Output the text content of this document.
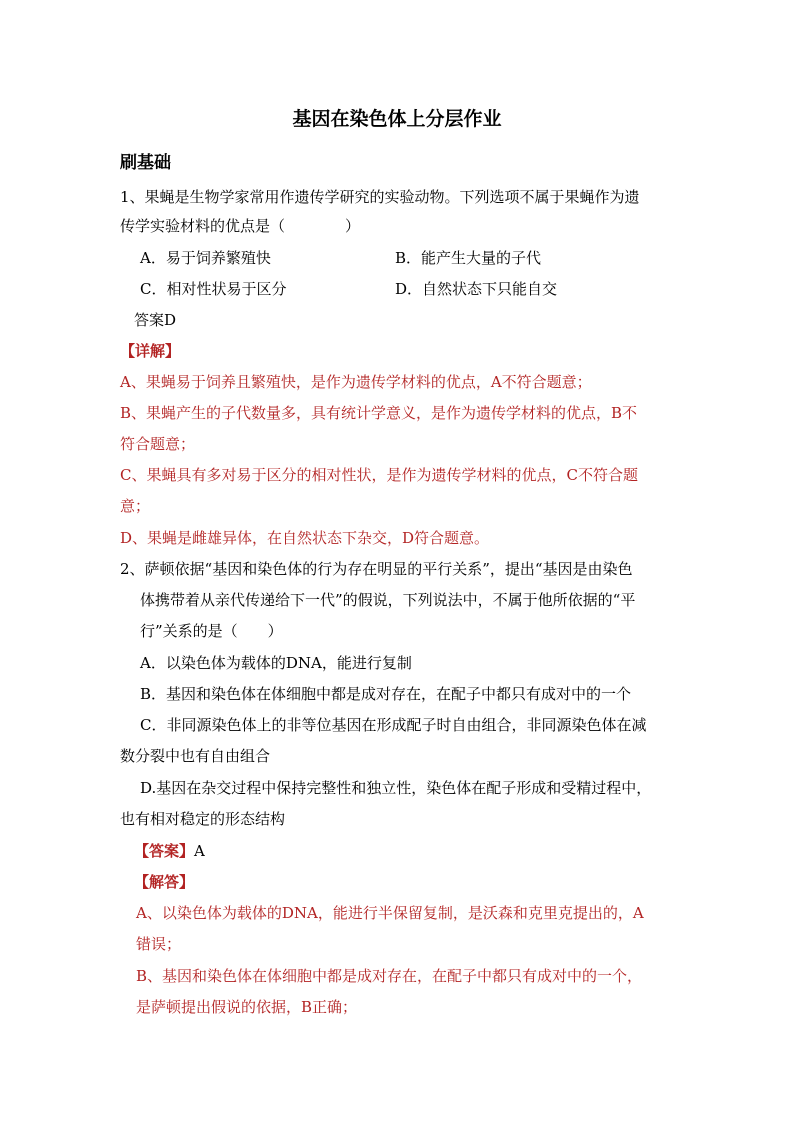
基因在染色体上分层作业
刷基础
1、果蝇是生物学家常用作遗传学研究的实验动物。下列选项不属于果蝇作为遗
传学实验材料的优点是（　　　　）
A．易于饲养繁殖快	B．能产生大量的子代
C．相对性状易于区分	D．自然状态下只能自交
答案D
【详解】
A、果蝇易于饲养且繁殖快，是作为遗传学材料的优点，A不符合题意；
B、果蝇产生的子代数量多，具有统计学意义，是作为遗传学材料的优点，B不
符合题意；
C、果蝇具有多对易于区分的相对性状，是作为遗传学材料的优点，C不符合题
意；
D、果蝇是雌雄异体，在自然状态下杂交，D符合题意。
2、萨顿依据“基因和染色体的行为存在明显的平行关系”，提出“基因是由染色
体携带着从亲代传递给下一代”的假说，下列说法中，不属于他所依据的“平
行”关系的是（　　）
A．以染色体为载体的DNA，能进行复制
B．基因和染色体在体细胞中都是成对存在，在配子中都只有成对中的一个
C．非同源染色体上的非等位基因在形成配子时自由组合，非同源染色体在减
数分裂中也有自由组合
D.基因在杂交过程中保持完整性和独立性，染色体在配子形成和受精过程中，
也有相对稳定的形态结构
【答案】A
【解答】
A、以染色体为载体的DNA，能进行半保留复制，是沃森和克里克提出的，A
错误；
B、基因和染色体在体细胞中都是成对存在，在配子中都只有成对中的一个，
是萨顿提出假说的依据，B正确；
